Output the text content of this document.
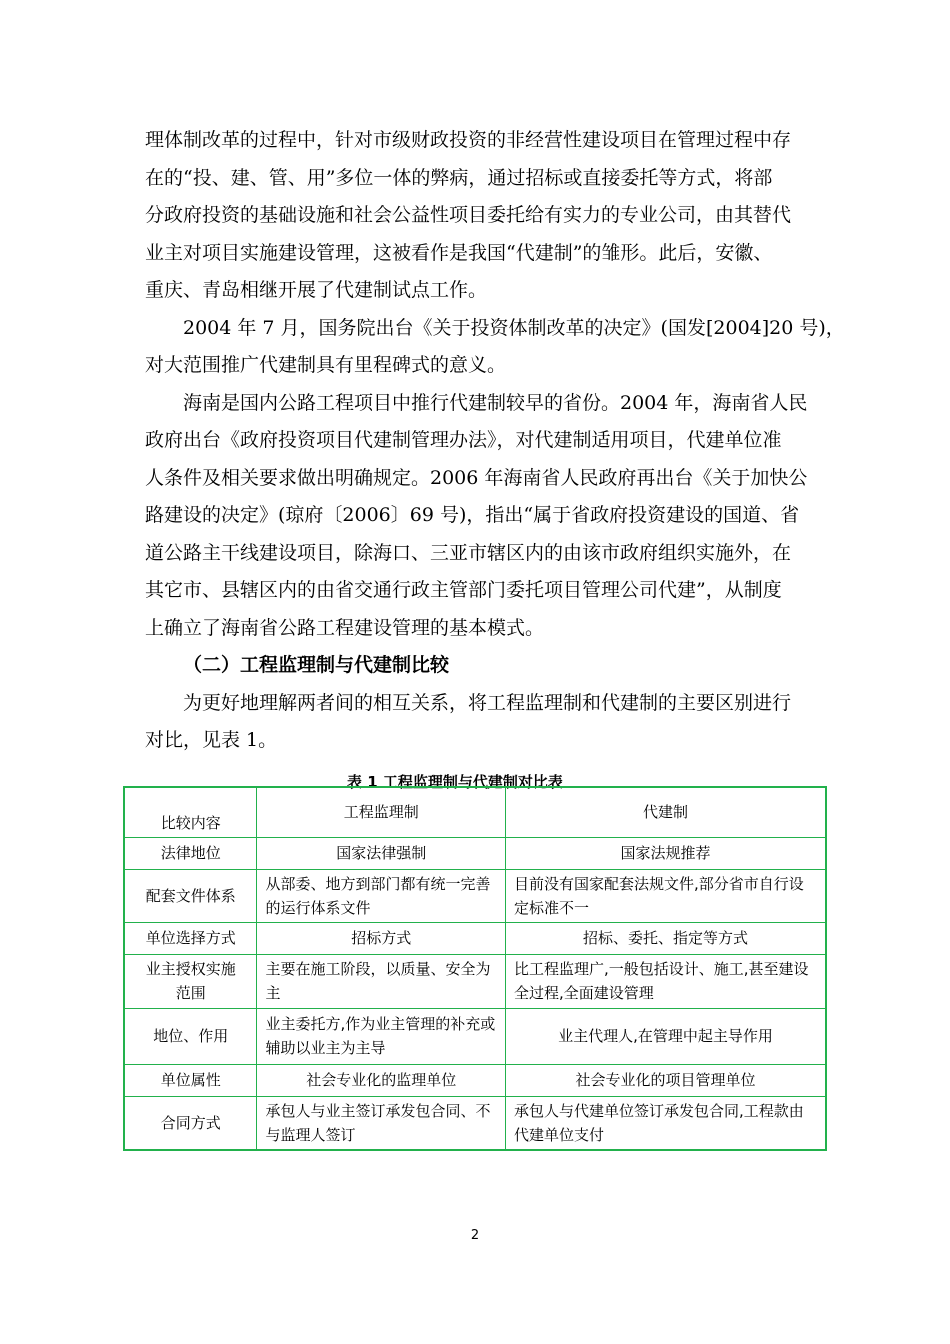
理体制改革的过程中，针对市级财政投资的非经营性建设项目在管理过程中存
在的“投、建、管、用”多位一体的弊病，通过招标或直接委托等方式，将部
分政府投资的基础设施和社会公益性项目委托给有实力的专业公司，由其替代
业主对项目实施建设管理，这被看作是我国“代建制”的雏形。此后，安徽、
重庆、青岛相继开展了代建制试点工作。

2004 年 7 月，国务院出台《关于投资体制改革的决定》(国发[2004]20 号)，
对大范围推广代建制具有里程碑式的意义。

海南是国内公路工程项目中推行代建制较早的省份。2004 年，海南省人民
政府出台《政府投资项目代建制管理办法》，对代建制适用项目，代建单位准
人条件及相关要求做出明确规定。2006 年海南省人民政府再出台《关于加快公
路建设的决定》(琼府〔2006〕69 号)，指出“属于省政府投资建设的国道、省
道公路主干线建设项目，除海口、三亚市辖区内的由该市政府组织实施外，在
其它市、县辖区内的由省交通行政主管部门委托项目管理公司代建”，从制度
上确立了海南省公路工程建设管理的基本模式。

（二）工程监理制与代建制比较

为更好地理解两者间的相互关系，将工程监理制和代建制的主要区别进行
对比，见表 1。

表 1 工程监理制与代建制对比表
比较内容	工程监理制	代建制
法律地位	国家法律强制	国家法规推荐
配套文件体系	从部委、地方到部门都有统一完善的运行体系文件	目前没有国家配套法规文件,部分省市自行设定标准不一
单位选择方式	招标方式	招标、委托、指定等方式
业主授权实施范围	主要在施工阶段，以质量、安全为主	比工程监理广,一般包括设计、施工,甚至建设全过程,全面建设管理
地位、作用	业主委托方,作为业主管理的补充或辅助以业主为主导	业主代理人,在管理中起主导作用
单位属性	社会专业化的监理单位	社会专业化的项目管理单位
合同方式	承包人与业主签订承发包合同、不与监理人签订	承包人与代建单位签订承发包合同,工程款由代建单位支付
2
